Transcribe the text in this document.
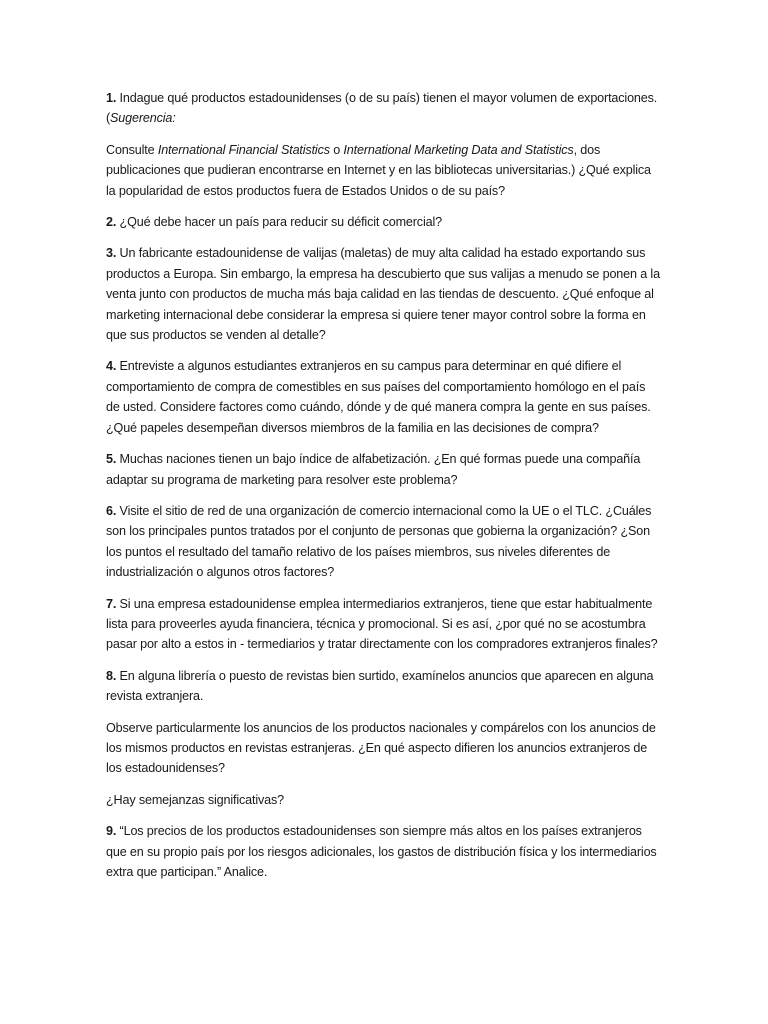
1. Indague qué productos estadounidenses (o de su país) tienen el mayor volumen de exportaciones. (Sugerencia:

Consulte International Financial Statistics o International Marketing Data and Statistics, dos publicaciones que pudieran encontrarse en Internet y en las bibliotecas universitarias.) ¿Qué explica la popularidad de estos productos fuera de Estados Unidos o de su país?

2. ¿Qué debe hacer un país para reducir su déficit comercial?

3. Un fabricante estadounidense de valijas (maletas) de muy alta calidad ha estado exportando sus productos a Europa. Sin embargo, la empresa ha descubierto que sus valijas a menudo se ponen a la venta junto con productos de mucha más baja calidad en las tiendas de descuento. ¿Qué enfoque al marketing internacional debe considerar la empresa si quiere tener mayor control sobre la forma en que sus productos se venden al detalle?

4. Entreviste a algunos estudiantes extranjeros en su campus para determinar en qué difiere el comportamiento de compra de comestibles en sus países del comportamiento homólogo en el país de usted. Considere factores como cuándo, dónde y de qué manera compra la gente en sus países. ¿Qué papeles desempeñan diversos miembros de la familia en las decisiones de compra?

5. Muchas naciones tienen un bajo índice de alfabetización. ¿En qué formas puede una compañía adaptar su programa de marketing para resolver este problema?

6. Visite el sitio de red de una organización de comercio internacional como la UE o el TLC. ¿Cuáles son los principales puntos tratados por el conjunto de personas que gobierna la organización? ¿Son los puntos el resultado del tamaño relativo de los países miembros, sus niveles diferentes de industrialización o algunos otros factores?

7. Si una empresa estadounidense emplea intermediarios extranjeros, tiene que estar habitualmente lista para proveerles ayuda financiera, técnica y promocional. Si es así, ¿por qué no se acostumbra pasar por alto a estos in - termediarios y tratar directamente con los compradores extranjeros finales?

8. En alguna librería o puesto de revistas bien surtido, examínelos anuncios que aparecen en alguna revista extranjera.

Observe particularmente los anuncios de los productos nacionales y compárelos con los anuncios de los mismos productos en revistas estranjeras. ¿En qué aspecto difieren los anuncios extranjeros de los estadounidenses?

¿Hay semejanzas significativas?

9. “Los precios de los productos estadounidenses son siempre más altos en los países extranjeros que en su propio país por los riesgos adicionales, los gastos de distribución física y los intermediarios extra que participan.” Analice.
